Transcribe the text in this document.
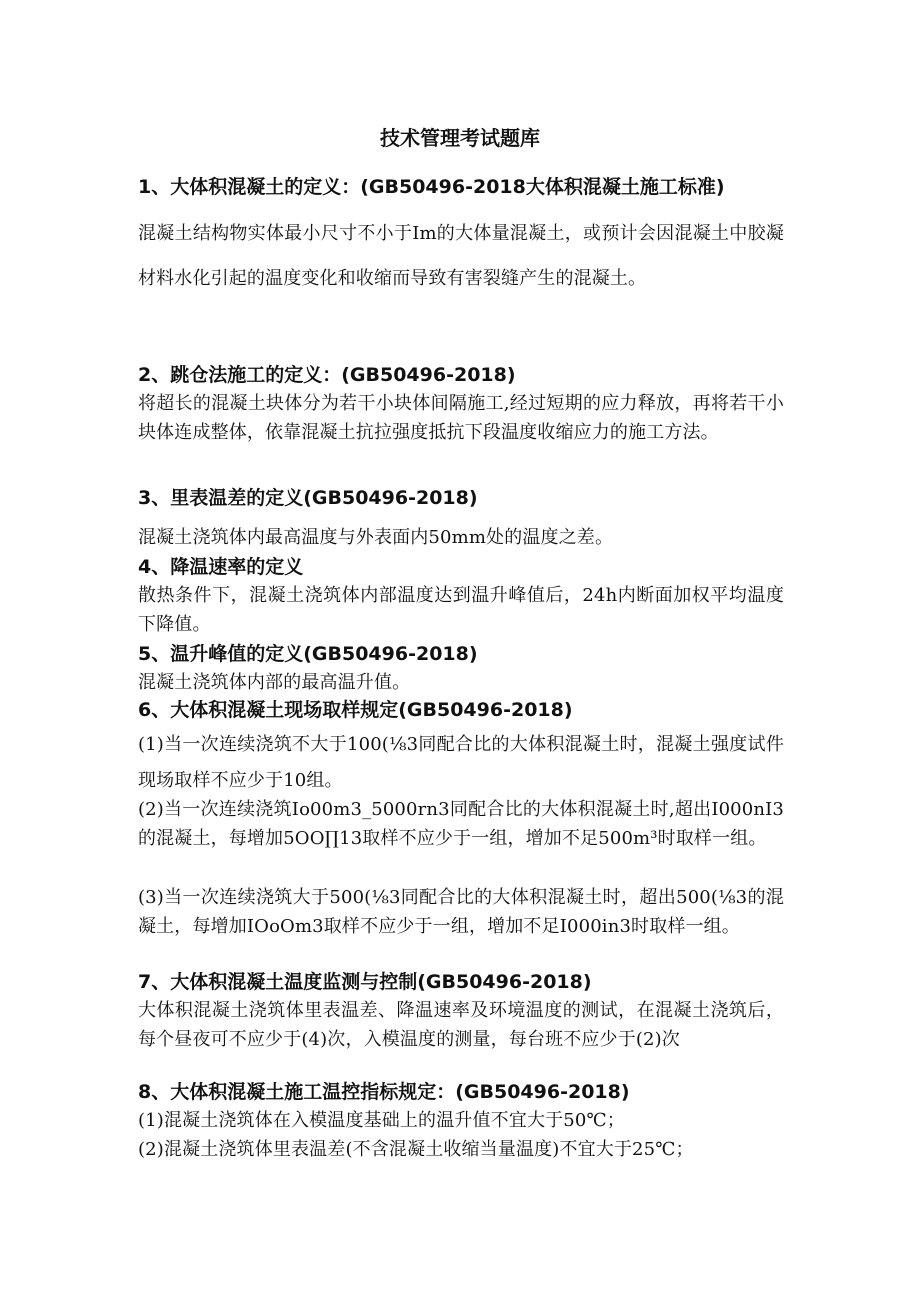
技术管理考试题库
1、大体积混凝土的定义：(GB50496-2018大体积混凝土施工标准)

混凝土结构物实体最小尺寸不小于Im的大体量混凝土，或预计会因混凝土中胶凝材料水化引起的温度变化和收缩而导致有害裂缝产生的混凝土。

2、跳仓法施工的定义：(GB50496-2018)

将超长的混凝土块体分为若干小块体间隔施工,经过短期的应力释放，再将若干小块体连成整体，依靠混凝土抗拉强度抵抗下段温度收缩应力的施工方法。

3、里表温差的定义(GB50496-2018)

混凝土浇筑体内最高温度与外表面内50mm处的温度之差。

4、降温速率的定义

散热条件下，混凝土浇筑体内部温度达到温升峰值后，24h内断面加权平均温度下降值。

5、温升峰值的定义(GB50496-2018)

混凝土浇筑体内部的最高温升值。

6、大体积混凝土现场取样规定(GB50496-2018)

(1)当一次连续浇筑不大于100(⅛3同配合比的大体积混凝土时，混凝土强度试件现场取样不应少于10组。

(2)当一次连续浇筑Io00m3_5000rn3同配合比的大体积混凝土时,超出I000nI3的混凝土，每增加5OO∏13取样不应少于一组，增加不足500m³时取样一组。

(3)当一次连续浇筑大于500(⅛3同配合比的大体积混凝土时，超出500(⅛3的混凝土，每增加IOoOm3取样不应少于一组，增加不足I000in3时取样一组。

7、大体积混凝土温度监测与控制(GB50496-2018)

大体积混凝土浇筑体里表温差、降温速率及环境温度的测试，在混凝土浇筑后，每个昼夜可不应少于(4)次，入模温度的测量，每台班不应少于(2)次

8、大体积混凝土施工温控指标规定：(GB50496-2018)

(1)混凝土浇筑体在入模温度基础上的温升值不宜大于50℃；

(2)混凝土浇筑体里表温差(不含混凝土收缩当量温度)不宜大于25℃；
